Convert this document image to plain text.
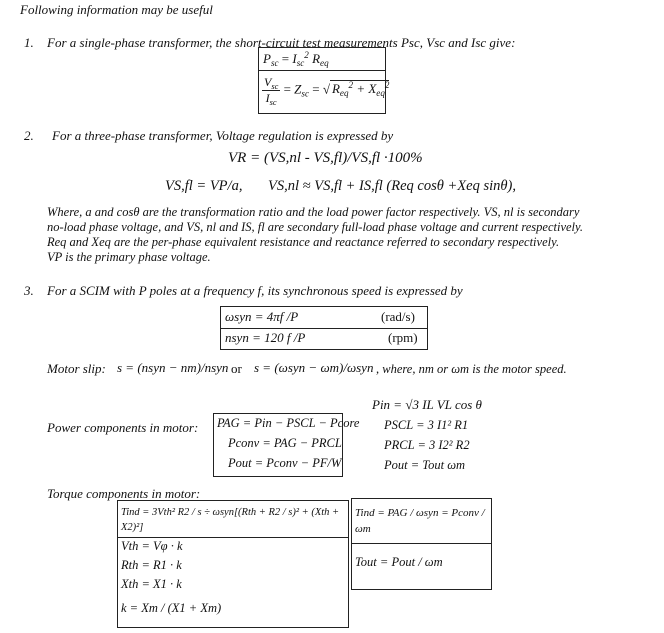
Following information may be useful
1. For a single-phase transformer, the short-circuit test measurements Psc, Vsc and Isc give:
$P_{sc} = I_{sc}^2$ $R_{eq}$
$\frac{V_{sc}}{I_{sc}} = Z_{sc}$ = √ $R_{eq}^2 + X_{eq}^2$
2. For a three-phase transformer, Voltage regulation is expressed by
VR = (VS,nl - VS,fl)/VS,fl ·100%
VS,fl = VP/a, VS,nl ≈ VS,fl + IS,fl (Req cosθ +Xeq sinθ),
Where, a and cosθ are the transformation ratio and the load power factor respectively. VS, nl is secondary
no-load phase voltage, and VS, nl and IS, fl are secondary full-load phase voltage and current respectively.
Req and Xeq are the per-phase equivalent resistance and reactance referred to secondary respectively.
VP is the primary phase voltage.
3. For a SCIM with P poles at a frequency f, its synchronous speed is expressed by
ωsyn = 4πf /P	(rad/s)
nsyn = 120 f /P	(rpm)
Motor slip: s = (nsyn − nm)/nsyn or s = (ωsyn − ωm)/ωsyn , where, nm or ωm is the motor speed.
Pin = √3 IL VL cos θ
Power components in motor: PAG = Pin − PSCL − Pcore
Pconv = PAG − PRCL
Pout = Pconv − PF/W
PSCL = 3 I1² R1
PRCL = 3 I2² R2
Pout = Tout ωm
Torque components in motor:
Tind = 3Vth² R2 / s ÷ ωsyn[(Rth + R2 / s)² + (Xth + X2)²]
Vth = Vφ · k
Rth = R1 · k
Xth = X1 · k
k = Xm / (X1 + Xm)
Tind = PAG / ωsyn = Pconv / ωm
Tout = Pout / ωm
